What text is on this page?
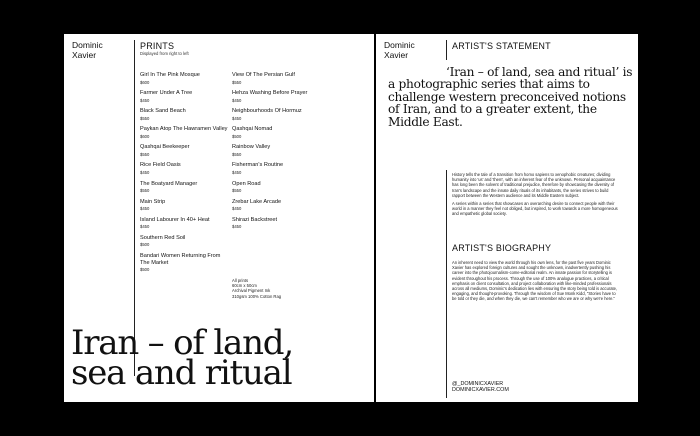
Dominic
Xavier
PRINTS
Displayed from right to left
Girl In The Pink Mosque
$600
Farmer Under A Tree
$450
Black Sand Beach
$550
Paykan Atop The Hawramen Valley
$600
Qashqai Beekeeper
$550
Rice Field Oasis
$450
The Boatyard Manager
$550
Main Strip
$450
Island Labourer In 40+ Heat
$450
Southern Red Soil
$500
Bandari Women Returning From The Market
$500
View Of The Persian Gulf
$550
Hehza Washing Before Prayer
$450
Neighbourhoods Of Hormuz
$450
Qashqai Nomad
$500
Rainbow Valley
$550
Fisherman's Routine
$450
Open Road
$550
Zrebar Lake Arcade
$450
Shirazi Backstreet
$450
All prints
60cm x 50cm
Archival Pigment Ink
310gsm 100% Cotton Rag
Iran – of land,
sea and ritual
Dominic
Xavier
ARTIST'S STATEMENT
‘Iran – of land, sea and ritual’ is a photographic series that aims to challenge western preconceived notions of Iran, and to a greater extent, the Middle East.

History tells the tale of a transition from homo sapiens to xenophobic creatures; dividing humanity into 'us' and 'them', with an inherent fear of the unknown. Personal acquaintance has long been the solvent of traditional prejudice, therefore by showcasing the diversity of Iran's landscape and the innate daily rituals of its inhabitants, the series strives to build rapport between the Western audience and its Middle Eastern subject.

A series within a series that showcases an overarching desire to connect people with their world in a manner they feel not obliged, but inspired, to work towards a more homogeneous and empathetic global society.

ARTIST'S BIOGRAPHY

An inherent need to view the world through his own lens, for the past five years Dominic Xavier has explored foreign cultures and sought the unknown, inadvertently pushing his career into the photojournalism-come-editorial realm. An innate passion for storytelling is evident throughout his process. Through the use of 100% analogue practices, a critical emphasis on client consultation, and project collaboration with like-minded professionals across all mediums, Dominic's dedication lies with ensuring the story being told is accurate, engaging, and thought-provoking. Through the wisdom of Sue Monk Kidd, "Stories have to be told or they die, and when they die, we can't remember who we are or why we're here."

@_DOMINICXAVIER
DOMINICXAVIER.COM
